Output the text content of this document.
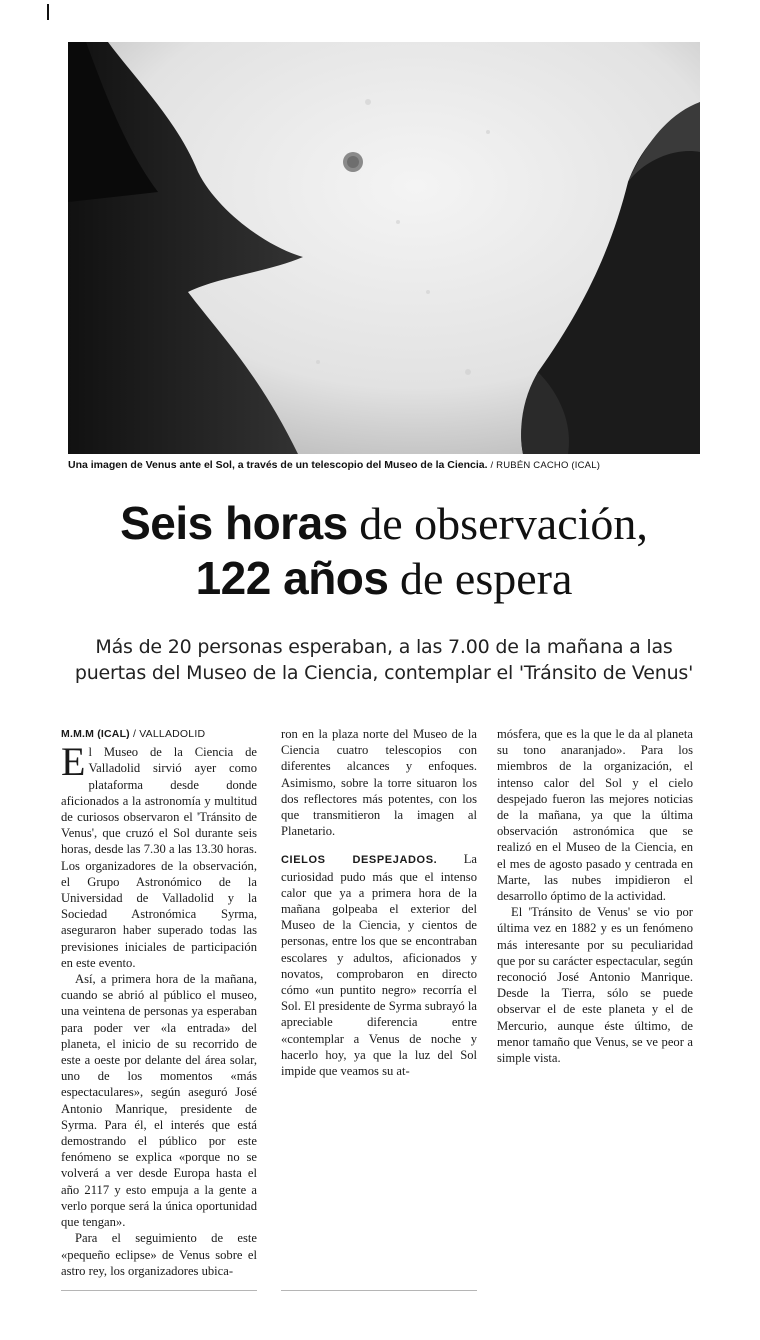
Una imagen de Venus ante el Sol, a través de un telescopio del Museo de la Ciencia. / RUBÉN CACHO (ICAL)
Seis horas de observación,
122 años de espera
Más de 20 personas esperaban, a las 7.00 de la mañana a las puertas del Museo de la Ciencia, contemplar el 'Tránsito de Venus'
M.M.M (ICAL) / VALLADOLID

El Museo de la Ciencia de Valladolid sirvió ayer como plataforma desde donde aficionados a la astronomía y multitud de curiosos observaron el 'Tránsito de Venus', que cruzó el Sol durante seis horas, desde las 7.30 a las 13.30 horas. Los organizadores de la observación, el Grupo Astronómico de la Universidad de Valladolid y la Sociedad Astronómica Syrma, aseguraron haber superado todas las previsiones iniciales de participación en este evento.

Así, a primera hora de la mañana, cuando se abrió al público el museo, una veintena de personas ya esperaban para poder ver «la entrada» del planeta, el inicio de su recorrido de este a oeste por delante del área solar, uno de los momentos «más espectaculares», según aseguró José Antonio Manrique, presidente de Syrma. Para él, el interés que está demostrando el público por este fenómeno se explica «porque no se volverá a ver desde Europa hasta el año 2117 y esto empuja a la gente a verlo porque será la única oportunidad que tengan».

Para el seguimiento de este «pequeño eclipse» de Venus sobre el astro rey, los organizadores ubica-

ron en la plaza norte del Museo de la Ciencia cuatro telescopios con diferentes alcances y enfoques. Asimismo, sobre la torre situaron los dos reflectores más potentes, con los que transmitieron la imagen al Planetario.

CIELOS DESPEJADOS. La curiosidad pudo más que el intenso calor que ya a primera hora de la mañana golpeaba el exterior del Museo de la Ciencia, y cientos de personas, entre los que se encontraban escolares y adultos, aficionados y novatos, comprobaron en directo cómo «un puntito negro» recorría el Sol. El presidente de Syrma subrayó la apreciable diferencia entre «contemplar a Venus de noche y hacerlo hoy, ya que la luz del Sol impide que veamos su at-

mósfera, que es la que le da al planeta su tono anaranjado». Para los miembros de la organización, el intenso calor del Sol y el cielo despejado fueron las mejores noticias de la mañana, ya que la última observación astronómica que se realizó en el Museo de la Ciencia, en el mes de agosto pasado y centrada en Marte, las nubes impidieron el desarrollo óptimo de la actividad.

El 'Tránsito de Venus' se vio por última vez en 1882 y es un fenómeno más interesante por su peculiaridad que por su carácter espectacular, según reconoció José Antonio Manrique. Desde la Tierra, sólo se puede observar el de este planeta y el de Mercurio, aunque éste último, de menor tamaño que Venus, se ve peor a simple vista.
